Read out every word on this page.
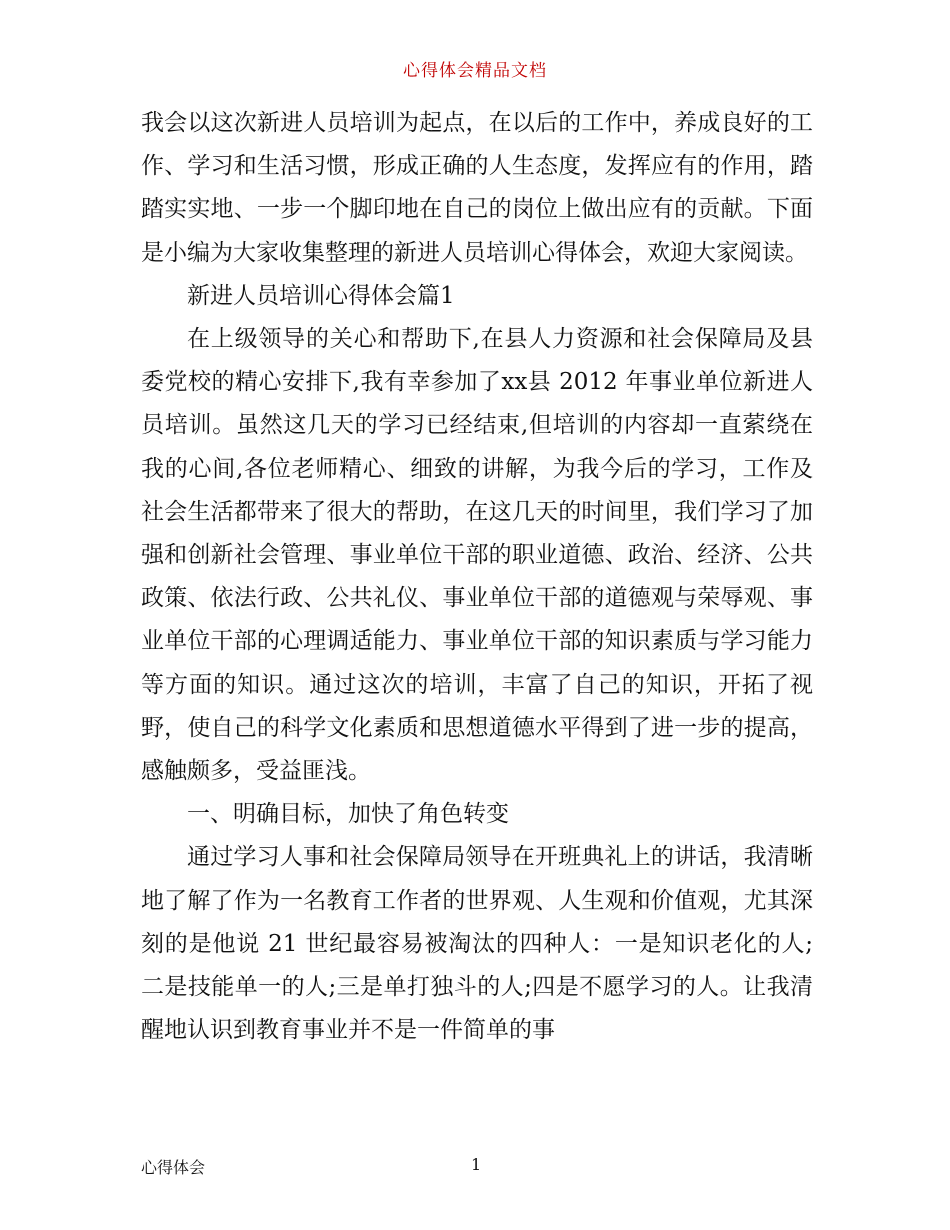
心得体会精品文档

我会以这次新进人员培训为起点，在以后的工作中，养成良好的工作、学习和生活习惯，形成正确的人生态度，发挥应有的作用，踏踏实实地、一步一个脚印地在自己的岗位上做出应有的贡献。下面是小编为大家收集整理的新进人员培训心得体会，欢迎大家阅读。

新进人员培训心得体会篇1

在上级领导的关心和帮助下,在县人力资源和社会保障局及县委党校的精心安排下,我有幸参加了xx县 2012 年事业单位新进人员培训。虽然这几天的学习已经结束,但培训的内容却一直萦绕在我的心间,各位老师精心、细致的讲解，为我今后的学习，工作及社会生活都带来了很大的帮助，在这几天的时间里，我们学习了加强和创新社会管理、事业单位干部的职业道德、政治、经济、公共政策、依法行政、公共礼仪、事业单位干部的道德观与荣辱观、事业单位干部的心理调适能力、事业单位干部的知识素质与学习能力等方面的知识。通过这次的培训，丰富了自己的知识，开拓了视野，使自己的科学文化素质和思想道德水平得到了进一步的提高，感触颇多，受益匪浅。

一、明确目标，加快了角色转变

通过学习人事和社会保障局领导在开班典礼上的讲话，我清晰地了解了作为一名教育工作者的世界观、人生观和价值观，尤其深刻的是他说 21 世纪最容易被淘汰的四种人：一是知识老化的人;二是技能单一的人;三是单打独斗的人;四是不愿学习的人。让我清醒地认识到教育事业并不是一件简单的事

心得体会	1
